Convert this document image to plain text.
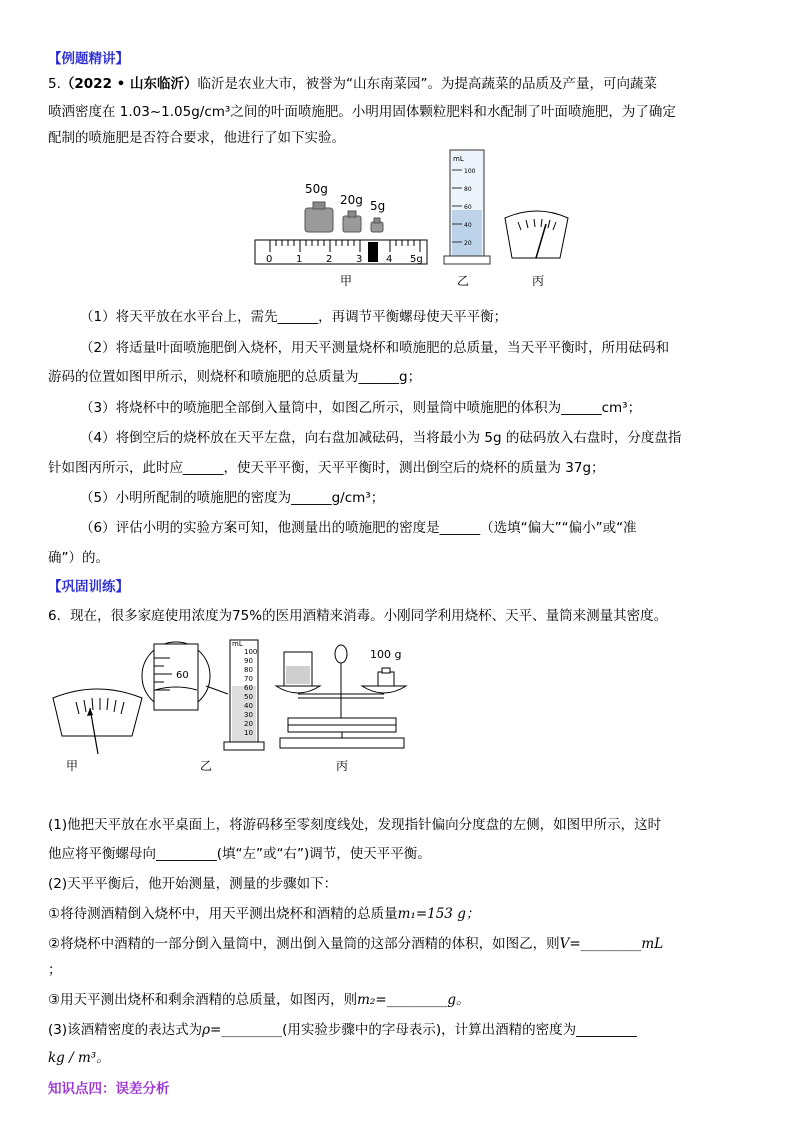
【例题精讲】
5.（2022 • 山东临沂）临沂是农业大市，被誉为“山东南菜园”。为提高蔬菜的品质及产量，可向蔬菜
喷洒密度在 1.03~1.05g/cm³之间的叶面喷施肥。小明用固体颗粒肥料和水配制了叶面喷施肥，为了确定
配制的喷施肥是否符合要求，他进行了如下实验。
50g
20g 5g
0 1 2 3 4 5g
mL
100
80
60
40
20
甲	乙	丙
（1）将天平放在水平台上，需先______，再调节平衡螺母使天平平衡；
（2）将适量叶面喷施肥倒入烧杯，用天平测量烧杯和喷施肥的总质量，当天平平衡时，所用砝码和
游码的位置如图甲所示，则烧杯和喷施肥的总质量为______g；
（3）将烧杯中的喷施肥全部倒入量筒中，如图乙所示，则量筒中喷施肥的体积为______cm³；
（4）将倒空后的烧杯放在天平左盘，向右盘加减砝码，当将最小为 5g 的砝码放入右盘时，分度盘指
针如图丙所示，此时应______，使天平平衡，天平平衡时，测出倒空后的烧杯的质量为 37g；
（5）小明所配制的喷施肥的密度为______g/cm³；
（6）评估小明的实验方案可知，他测量出的喷施肥的密度是______（选填“偏大”“偏小”或“准
确”）的。
【巩固训练】
6．现在，很多家庭使用浓度为75%的医用酒精来消毒。小刚同学利用烧杯、天平、量筒来测量其密度。
60
mL
100
90
80
70
60
50
40
30
20
10
100 g
甲	乙	丙
(1)他把天平放在水平桌面上，将游码移至零刻度线处，发现指针偏向分度盘的左侧，如图甲所示，这时
他应将平衡螺母向_________(填“左”或“右”)调节，使天平平衡。
(2)天平平衡后，他开始测量，测量的步骤如下：
①将待测酒精倒入烧杯中，用天平测出烧杯和酒精的总质量m₁=153 g；
②将烧杯中酒精的一部分倒入量筒中，测出倒入量筒的这部分酒精的体积，如图乙，则V=_________mL
；
③用天平测出烧杯和剩余酒精的总质量，如图丙，则m₂=_________g。
(3)该酒精密度的表达式为ρ=_________(用实验步骤中的字母表示)，计算出酒精的密度为_________
kg / m³。
知识点四：误差分析
